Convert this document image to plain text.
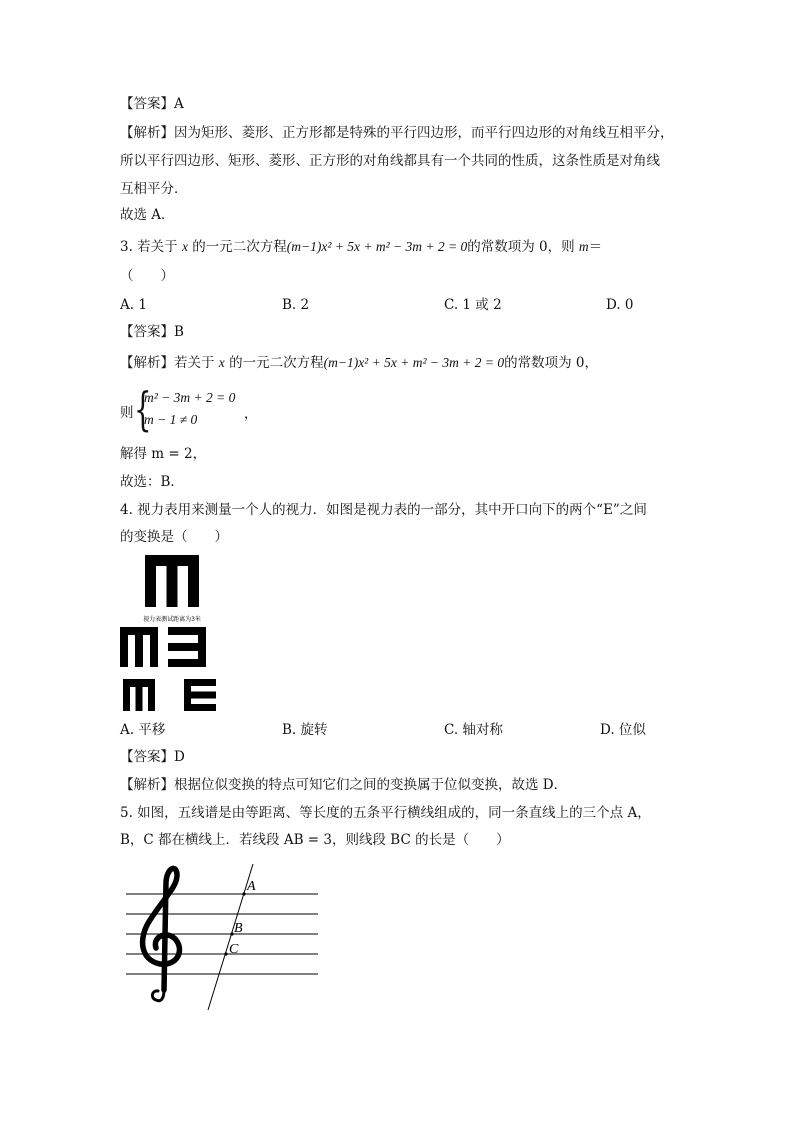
【答案】A
【解析】因为矩形、菱形、正方形都是特殊的平行四边形，而平行四边形的对角线互相平分，
所以平行四边形、矩形、菱形、正方形的对角线都具有一个共同的性质，这条性质是对角线
互相平分．
故选 A．
3. 若关于 x 的一元二次方程(m−1)x² + 5x + m² − 3m + 2 = 0的常数项为 0，则 m＝
（　　）
A. 1	B. 2	C. 1 或 2	D. 0
【答案】B
【解析】若关于 x 的一元二次方程(m−1)x² + 5x + m² − 3m + 2 = 0的常数项为 0，
则 {
m² − 3m + 2 = 0
m − 1 ≠ 0	，
解得 m = 2，
故选：B．
4. 视力表用来测量一个人的视力．如图是视力表的一部分，其中开口向下的两个“E”之间
的变换是（　　）
视力表测试距离为3米
A. 平移	B. 旋转	C. 轴对称	D. 位似
【答案】D
【解析】根据位似变换的特点可知它们之间的变换属于位似变换，故选 D．
5. 如图，五线谱是由等距离、等长度的五条平行横线组成的，同一条直线上的三个点 A，
B，C 都在横线上．若线段 AB = 3，则线段 BC 的长是（　　）
A
B
C
